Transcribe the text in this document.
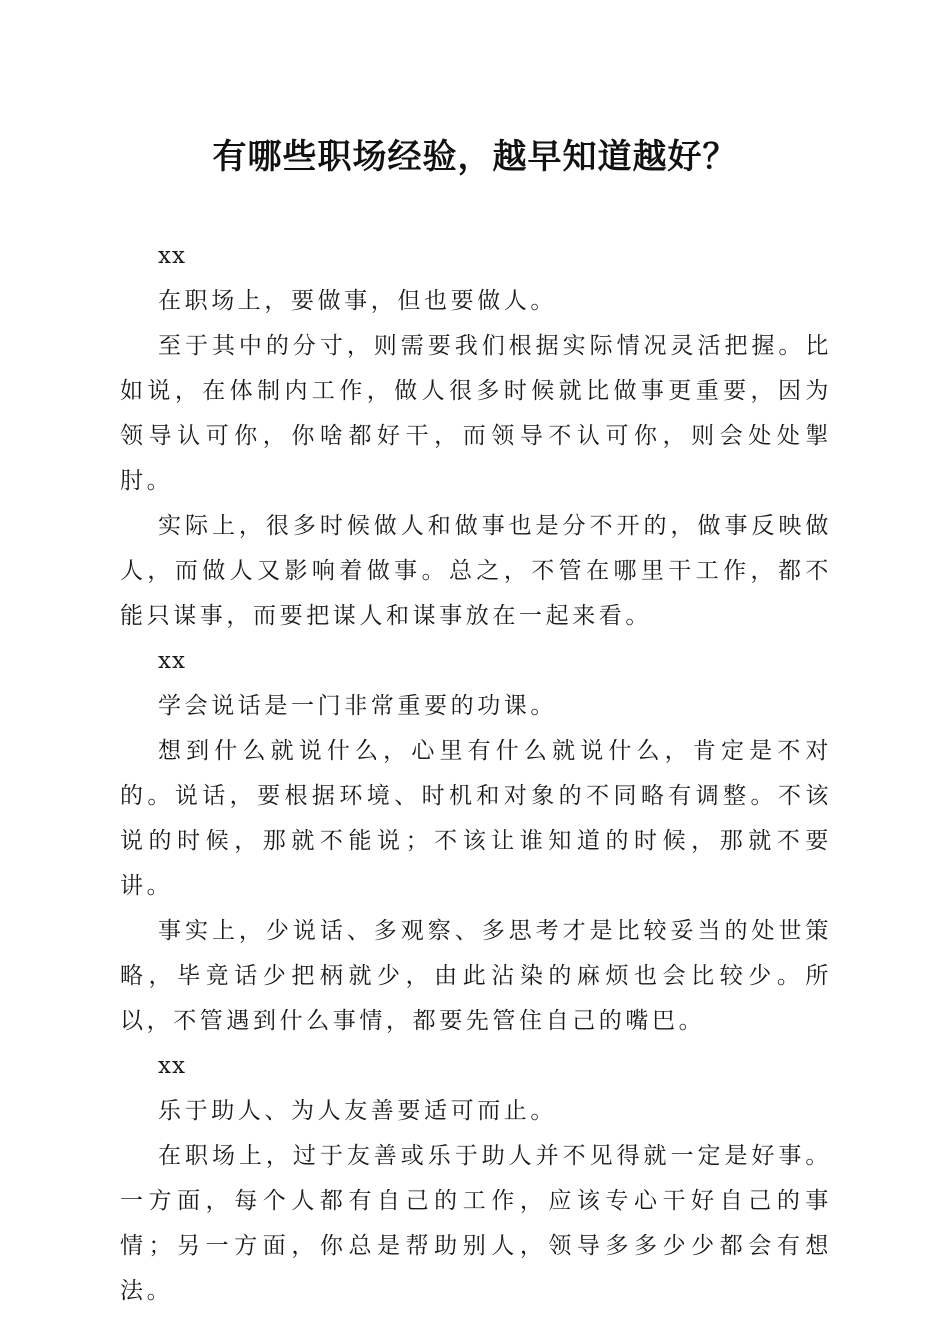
有哪些职场经验，越早知道越好？

xx

在职场上，要做事，但也要做人。

至于其中的分寸，则需要我们根据实际情况灵活把握。比如说，在体制内工作，做人很多时候就比做事更重要，因为领导认可你，你啥都好干，而领导不认可你，则会处处掣肘。

实际上，很多时候做人和做事也是分不开的，做事反映做人，而做人又影响着做事。总之，不管在哪里干工作，都不能只谋事，而要把谋人和谋事放在一起来看。

xx

学会说话是一门非常重要的功课。

想到什么就说什么，心里有什么就说什么，肯定是不对的。说话，要根据环境、时机和对象的不同略有调整。不该说的时候，那就不能说；不该让谁知道的时候，那就不要讲。

事实上，少说话、多观察、多思考才是比较妥当的处世策略，毕竟话少把柄就少，由此沾染的麻烦也会比较少。所以，不管遇到什么事情，都要先管住自己的嘴巴。

xx

乐于助人、为人友善要适可而止。

在职场上，过于友善或乐于助人并不见得就一定是好事。一方面，每个人都有自己的工作，应该专心干好自己的事情；另一方面，你总是帮助别人，领导多多少少都会有想法。
